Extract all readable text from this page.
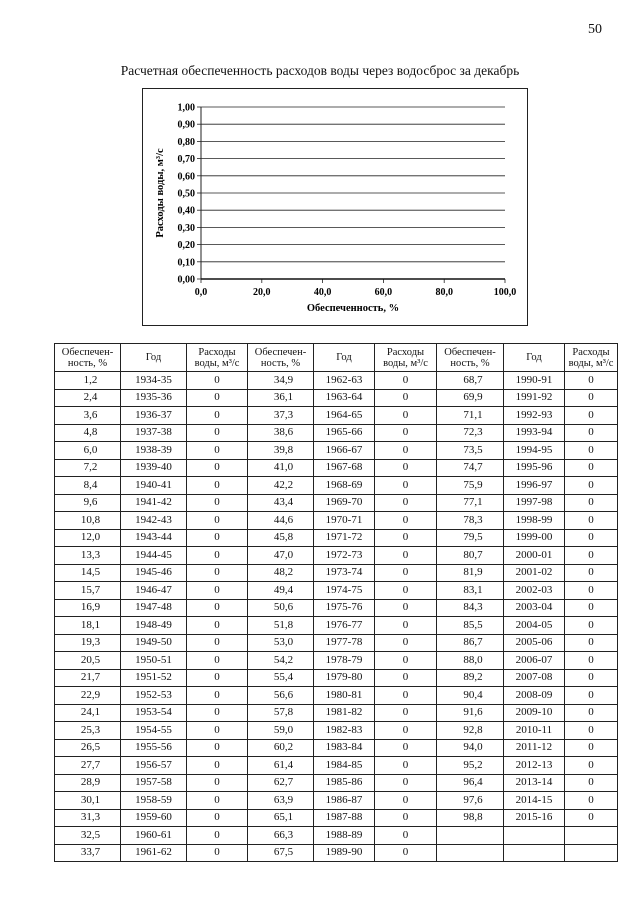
50
Расчетная обеспеченность расходов воды через водосброс за декабрь
0,00
0,10
0,20
0,30
0,40
0,50
0,60
0,70
0,80
0,90
1,00
0,0	20,0	40,0	60,0	80,0	100,0
Обеспеченность, %
Расходы воды, м³/с
Обеспечен-ность, %	Год	Расходы воды, м³/с	Обеспечен-ность, %	Год	Расходы воды, м³/с	Обеспечен-ность, %	Год	Расходы воды, м³/с
1,2	1934-35	0	34,9	1962-63	0	68,7	1990-91	0
2,4	1935-36	0	36,1	1963-64	0	69,9	1991-92	0
3,6	1936-37	0	37,3	1964-65	0	71,1	1992-93	0
4,8	1937-38	0	38,6	1965-66	0	72,3	1993-94	0
6,0	1938-39	0	39,8	1966-67	0	73,5	1994-95	0
7,2	1939-40	0	41,0	1967-68	0	74,7	1995-96	0
8,4	1940-41	0	42,2	1968-69	0	75,9	1996-97	0
9,6	1941-42	0	43,4	1969-70	0	77,1	1997-98	0
10,8	1942-43	0	44,6	1970-71	0	78,3	1998-99	0
12,0	1943-44	0	45,8	1971-72	0	79,5	1999-00	0
13,3	1944-45	0	47,0	1972-73	0	80,7	2000-01	0
14,5	1945-46	0	48,2	1973-74	0	81,9	2001-02	0
15,7	1946-47	0	49,4	1974-75	0	83,1	2002-03	0
16,9	1947-48	0	50,6	1975-76	0	84,3	2003-04	0
18,1	1948-49	0	51,8	1976-77	0	85,5	2004-05	0
19,3	1949-50	0	53,0	1977-78	0	86,7	2005-06	0
20,5	1950-51	0	54,2	1978-79	0	88,0	2006-07	0
21,7	1951-52	0	55,4	1979-80	0	89,2	2007-08	0
22,9	1952-53	0	56,6	1980-81	0	90,4	2008-09	0
24,1	1953-54	0	57,8	1981-82	0	91,6	2009-10	0
25,3	1954-55	0	59,0	1982-83	0	92,8	2010-11	0
26,5	1955-56	0	60,2	1983-84	0	94,0	2011-12	0
27,7	1956-57	0	61,4	1984-85	0	95,2	2012-13	0
28,9	1957-58	0	62,7	1985-86	0	96,4	2013-14	0
30,1	1958-59	0	63,9	1986-87	0	97,6	2014-15	0
31,3	1959-60	0	65,1	1987-88	0	98,8	2015-16	0
32,5	1960-61	0	66,3	1988-89	0			
33,7	1961-62	0	67,5	1989-90	0			
